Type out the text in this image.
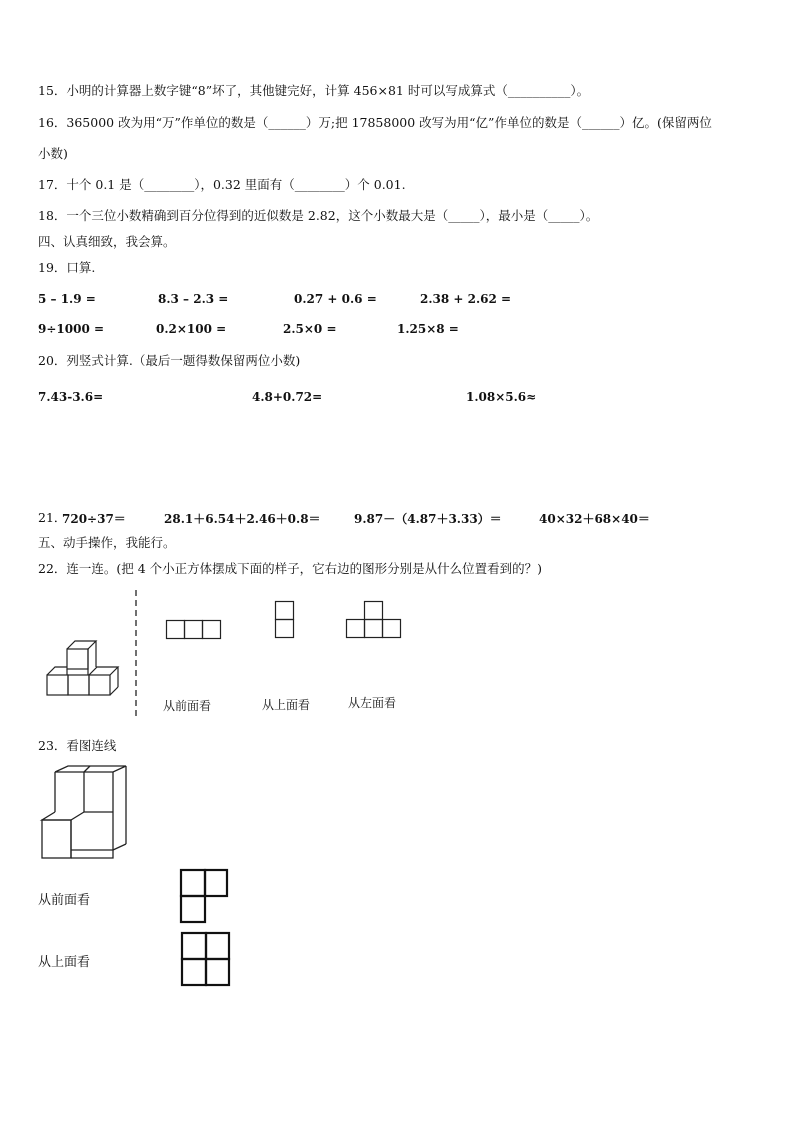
15．小明的计算器上数字键“8”坏了，其他键完好，计算 456×81 时可以写成算式（__________）。
16．365000 改为用“万”作单位的数是（______）万;把 17858000 改写为用“亿”作单位的数是（______）亿。(保留两位
小数)
17．十个 0.1 是（________），0.32 里面有（________）个 0.01.
18．一个三位小数精确到百分位得到的近似数是 2.82，这个小数最大是（_____），最小是（_____）。
四、认真细致，我会算。
19．口算.
5 – 1.9 =	8.3 – 2.3 =	0.27 + 0.6 =	2.38 + 2.62 =
9÷1000 =	0.2×100 =	2.5×0 =	1.25×8 =
20．列竖式计算.（最后一题得数保留两位小数)
7.43-3.6=	4.8+0.72=	1.08×5.6≈
21．
720÷37＝	28.1＋6.54＋2.46＋0.8＝	9.87－（4.87＋3.33）＝	40×32＋68×40＝
五、动手操作，我能行。
22．连一连。(把 4 个小正方体摆成下面的样子，它右边的图形分别是从什么位置看到的？)
从前面看	从上面看	从左面看
23．看图连线
从前面看
从上面看
